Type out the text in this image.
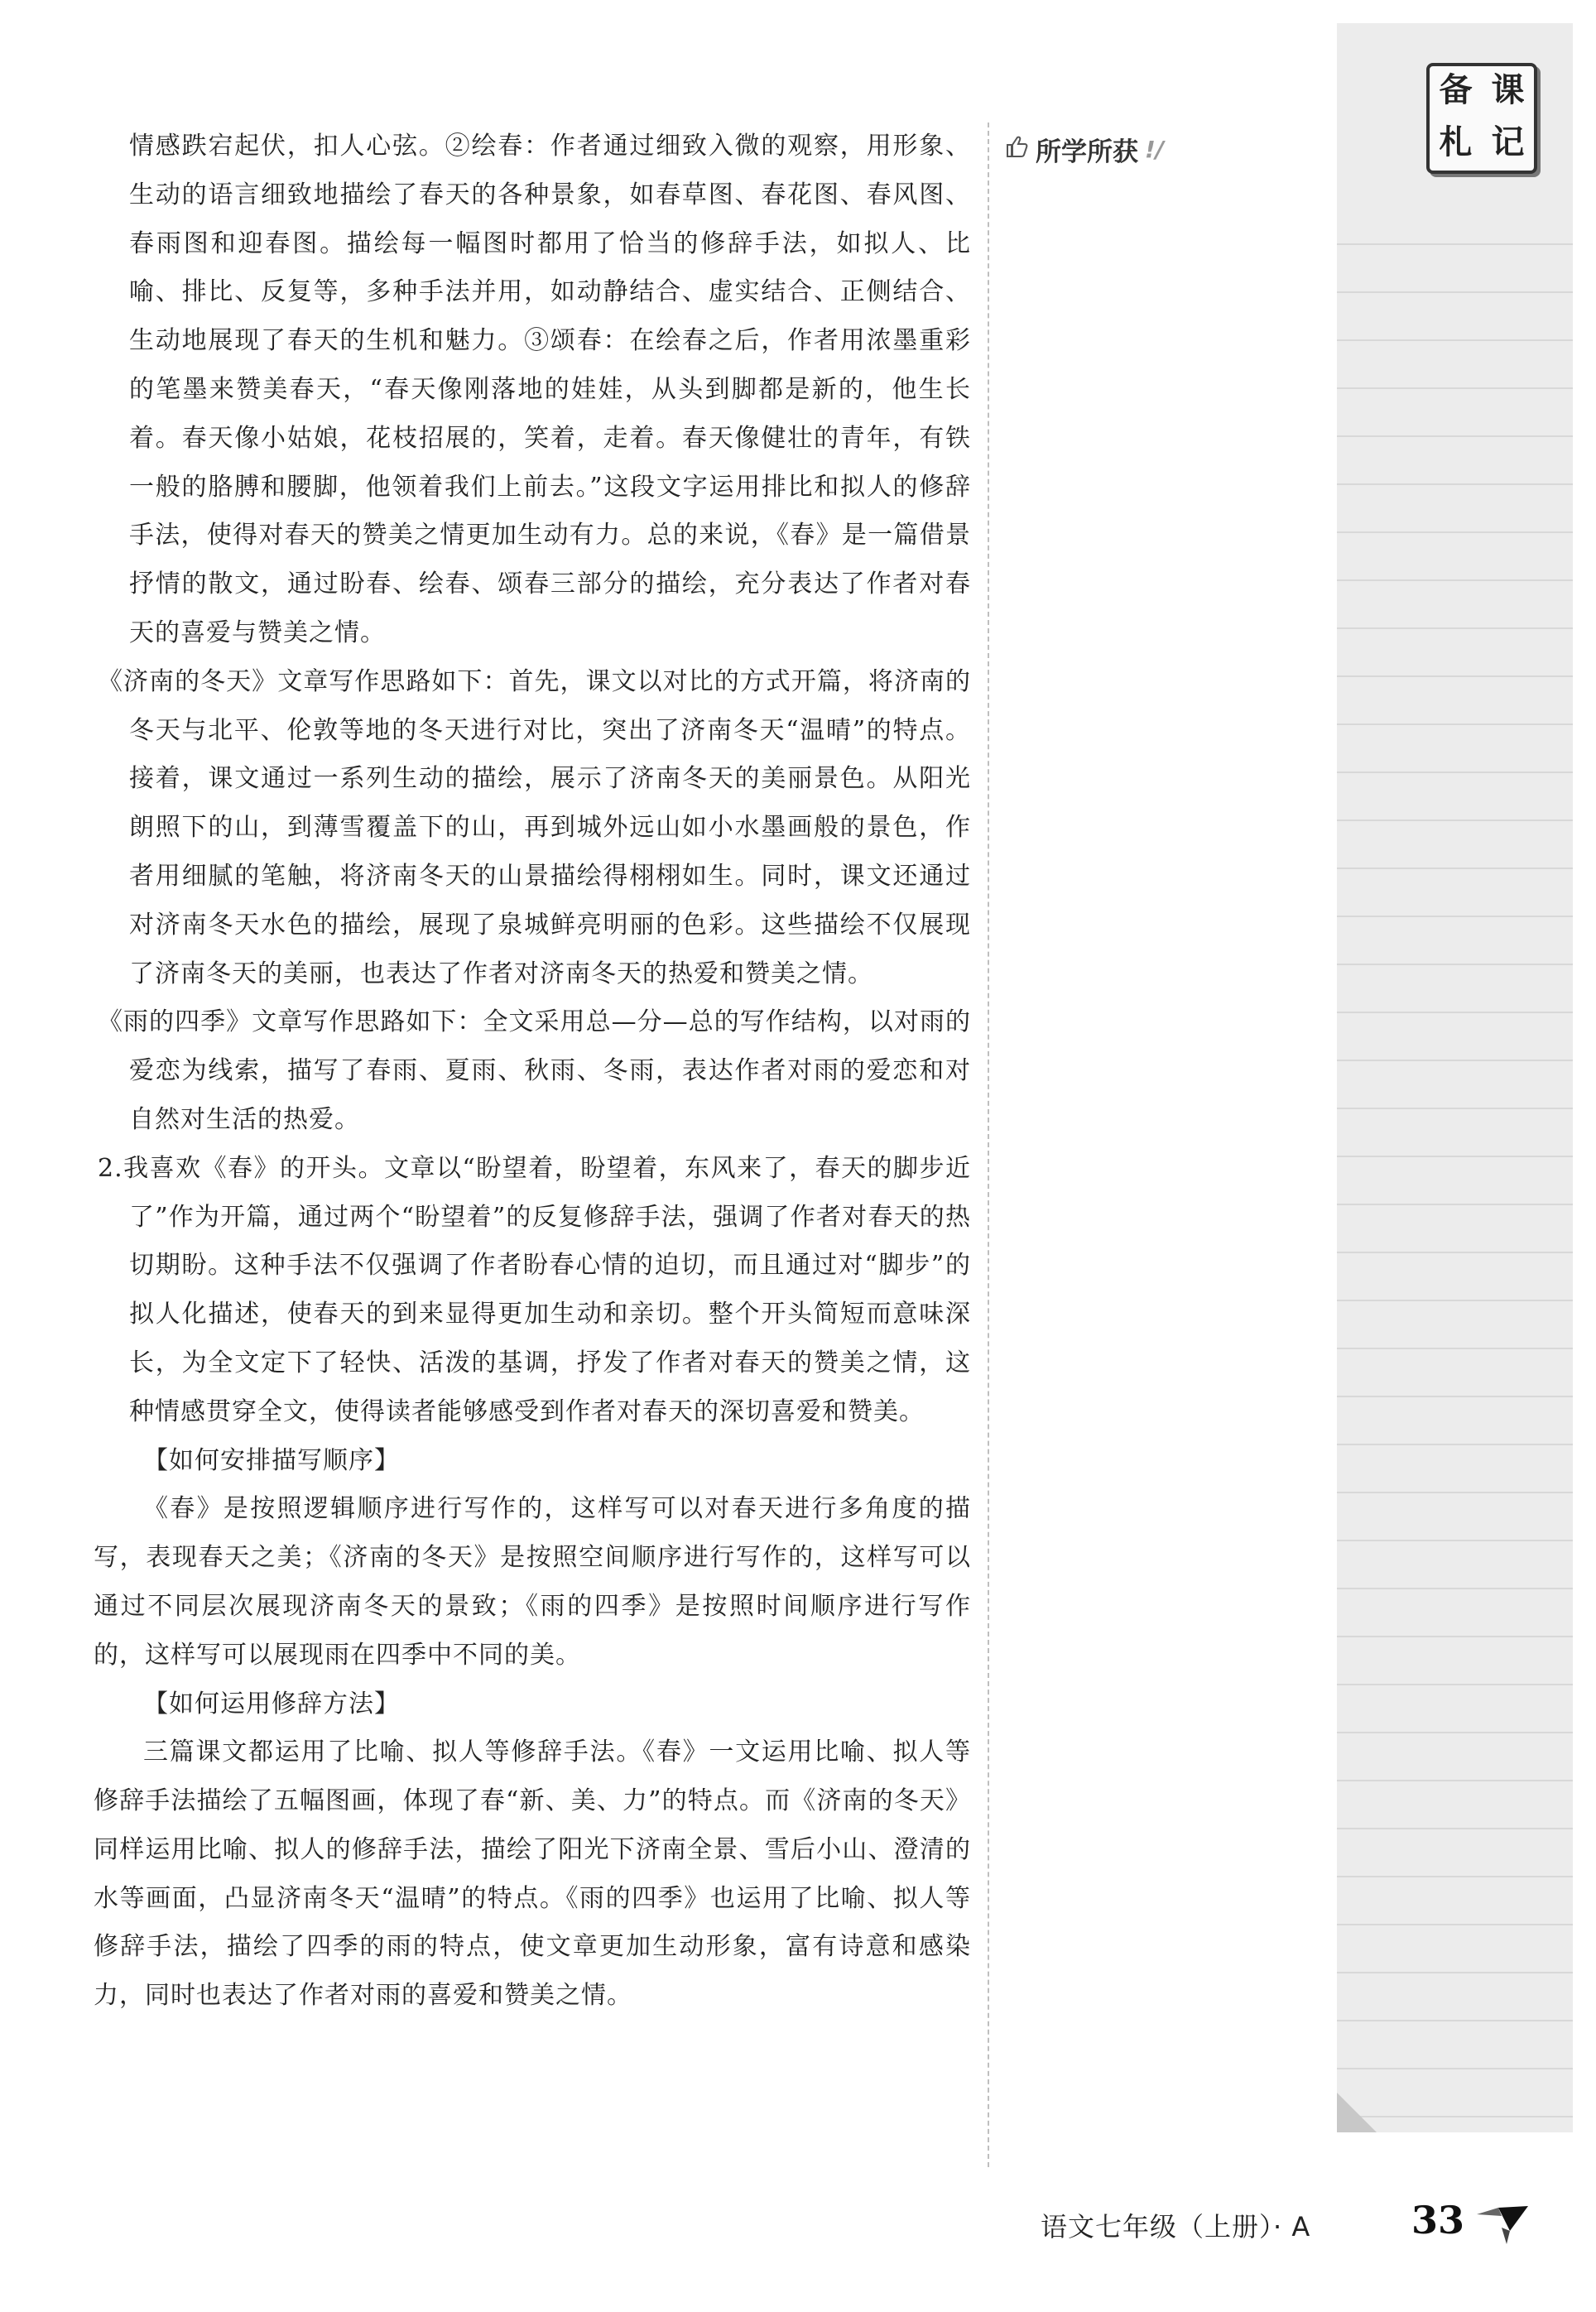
情感跌宕起伏，扣人心弦。②绘春：作者通过细致入微的观察，用形象、生动的语言细致地描绘了春天的各种景象，如春草图、春花图、春风图、春雨图和迎春图。描绘每一幅图时都用了恰当的修辞手法，如拟人、比喻、排比、反复等，多种手法并用，如动静结合、虚实结合、正侧结合、生动地展现了春天的生机和魅力。③颂春：在绘春之后，作者用浓墨重彩的笔墨来赞美春天，“春天像刚落地的娃娃，从头到脚都是新的，他生长着。春天像小姑娘，花枝招展的，笑着，走着。春天像健壮的青年，有铁一般的胳膊和腰脚，他领着我们上前去。”这段文字运用排比和拟人的修辞手法，使得对春天的赞美之情更加生动有力。总的来说，《春》是一篇借景抒情的散文，通过盼春、绘春、颂春三部分的描绘，充分表达了作者对春天的喜爱与赞美之情。

《济南的冬天》文章写作思路如下：首先，课文以对比的方式开篇，将济南的冬天与北平、伦敦等地的冬天进行对比，突出了济南冬天“温晴”的特点。接着，课文通过一系列生动的描绘，展示了济南冬天的美丽景色。从阳光朗照下的山，到薄雪覆盖下的山，再到城外远山如小水墨画般的景色，作者用细腻的笔触，将济南冬天的山景描绘得栩栩如生。同时，课文还通过对济南冬天水色的描绘，展现了泉城鲜亮明丽的色彩。这些描绘不仅展现了济南冬天的美丽，也表达了作者对济南冬天的热爱和赞美之情。

《雨的四季》文章写作思路如下：全文采用总—分—总的写作结构，以对雨的爱恋为线索，描写了春雨、夏雨、秋雨、冬雨，表达作者对雨的爱恋和对自然对生活的热爱。

2.我喜欢《春》的开头。文章以“盼望着，盼望着，东风来了，春天的脚步近了”作为开篇，通过两个“盼望着”的反复修辞手法，强调了作者对春天的热切期盼。这种手法不仅强调了作者盼春心情的迫切，而且通过对“脚步”的拟人化描述，使春天的到来显得更加生动和亲切。整个开头简短而意味深长，为全文定下了轻快、活泼的基调，抒发了作者对春天的赞美之情，这种情感贯穿全文，使得读者能够感受到作者对春天的深切喜爱和赞美。

【如何安排描写顺序】

《春》是按照逻辑顺序进行写作的，这样写可以对春天进行多角度的描写，表现春天之美；《济南的冬天》是按照空间顺序进行写作的，这样写可以通过不同层次展现济南冬天的景致；《雨的四季》是按照时间顺序进行写作的，这样写可以展现雨在四季中不同的美。

【如何运用修辞方法】

三篇课文都运用了比喻、拟人等修辞手法。《春》一文运用比喻、拟人等修辞手法描绘了五幅图画，体现了春“新、美、力”的特点。而《济南的冬天》同样运用比喻、拟人的修辞手法，描绘了阳光下济南全景、雪后小山、澄清的水等画面，凸显济南冬天“温晴”的特点。《雨的四季》也运用了比喻、拟人等修辞手法，描绘了四季的雨的特点，使文章更加生动形象，富有诗意和感染力，同时也表达了作者对雨的喜爱和赞美之情。

所学所获 !/
备 课
札 记
语文七年级（上册）· A	33
